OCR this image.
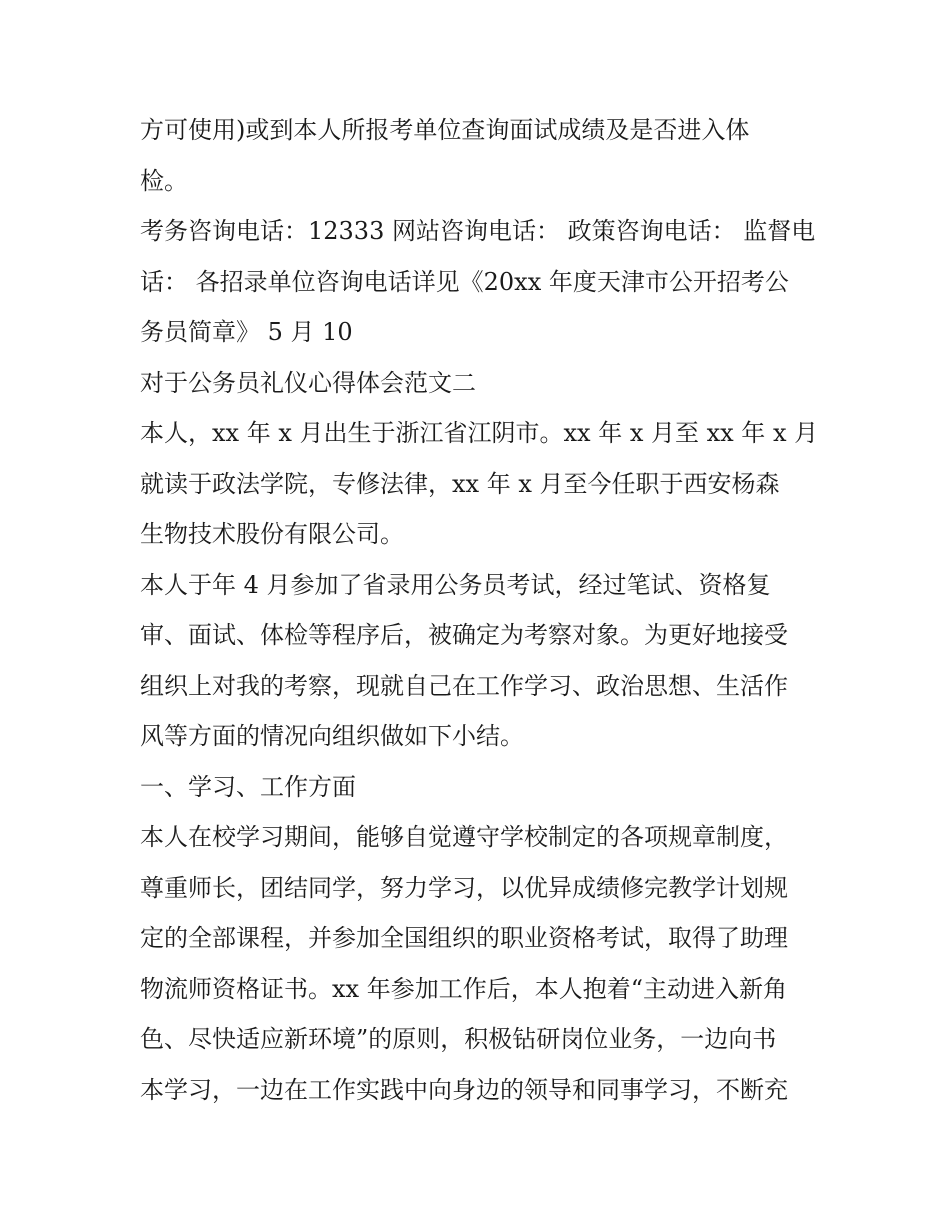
方可使用)或到本人所报考单位查询面试成绩及是否进入体
检。
考务咨询电话：12333 网站咨询电话： 政策咨询电话： 监督电
话： 各招录单位咨询电话详见《20xx 年度天津市公开招考公
务员简章》 5 月 10
对于公务员礼仪心得体会范文二
本人，xx 年 x 月出生于浙江省江阴市。xx 年 x 月至 xx 年 x 月
就读于政法学院，专修法律，xx 年 x 月至今任职于西安杨森
生物技术股份有限公司。
本人于年 4 月参加了省录用公务员考试，经过笔试、资格复
审、面试、体检等程序后，被确定为考察对象。为更好地接受
组织上对我的考察，现就自己在工作学习、政治思想、生活作
风等方面的情况向组织做如下小结。
一、学习、工作方面
本人在校学习期间，能够自觉遵守学校制定的各项规章制度，
尊重师长，团结同学，努力学习，以优异成绩修完教学计划规
定的全部课程，并参加全国组织的职业资格考试，取得了助理
物流师资格证书。xx 年参加工作后，本人抱着“主动进入新角
色、尽快适应新环境”的原则，积极钻研岗位业务，一边向书
本学习，一边在工作实践中向身边的领导和同事学习，不断充
